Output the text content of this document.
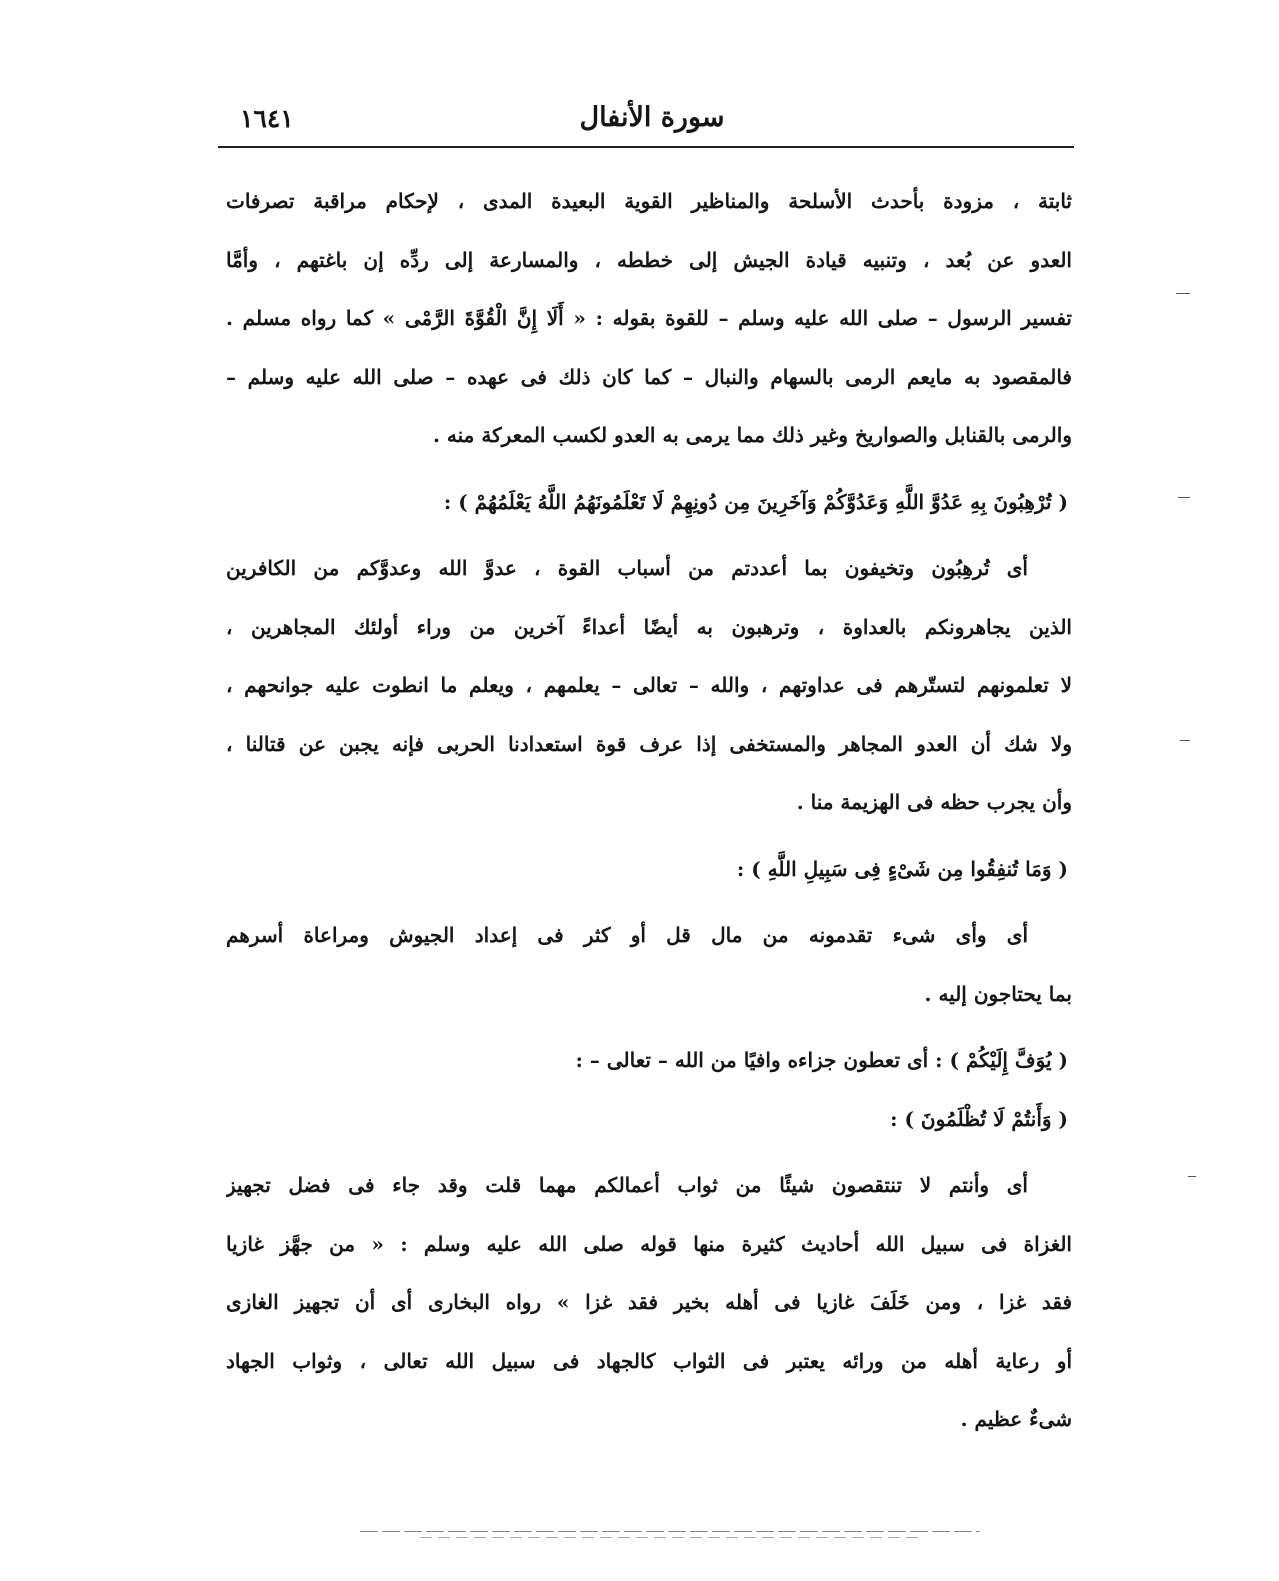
١٦٤١	سورة الأنفال
ثابتة ، مزودة بأحدث الأسلحة والمناظير القوية البعيدة المدى ، لإحكام مراقبة تصرفات
العدو عن بُعد ، وتنبيه قيادة الجيش إلى خططه ، والمسارعة إلى ردِّه إن باغتهم ، وأمَّا
تفسير الرسول – صلى الله عليه وسلم – للقوة بقوله : « أَلَا إِنَّ الْقُوَّةَ الرَّمْى » كما رواه مسلم .
فالمقصود به مايعم الرمى بالسهام والنبال – كما كان ذلك فى عهده – صلى الله عليه وسلم –
والرمى بالقنابل والصواريخ وغير ذلك مما يرمى به العدو لكسب المعركة منه .
( تُرْهِبُونَ بِهِ عَدُوَّ اللَّهِ وَعَدُوَّكُمْ وَآخَرِينَ مِن دُونِهِمْ لَا تَعْلَمُونَهُمُ اللَّهُ يَعْلَمُهُمْ ) :
أى تُرهِبُون وتخيفون بما أعددتم من أسباب القوة ، عدوَّ الله وعدوَّكم من الكافرين
الذين يجاهرونكم بالعداوة ، وترهبون به أيضًا أعداءً آخرين من وراء أولئك المجاهرين ،
لا تعلمونهم لتستّرهم فى عداوتهم ، والله – تعالى – يعلمهم ، ويعلم ما انطوت عليه جوانحهم ،
ولا شك أن العدو المجاهر والمستخفى إذا عرف قوة استعدادنا الحربى فإنه يجبن عن قتالنا ،
وأن يجرب حظه فى الهزيمة منا .
( وَمَا تُنفِقُوا مِن شَىْءٍ فِى سَبِيلِ اللَّهِ ) :
أى وأى شىء تقدمونه من مال قل أو كثر فى إعداد الجيوش ومراعاة أسرهم
بما يحتاجون إليه .
( يُوَفَّ إِلَيْكُمْ ) : أى تعطون جزاءه وافيًا من الله – تعالى – :
( وَأَنتُمْ لَا تُظْلَمُونَ ) :
أى وأنتم لا تنتقصون شيئًا من ثواب أعمالكم مهما قلت وقد جاء فى فضل تجهيز
الغزاة فى سبيل الله أحاديث كثيرة منها قوله صلى الله عليه وسلم : « من جهَّز غازيا
فقد غزا ، ومن خَلَفَ غازيا فى أهله بخير فقد غزا » رواه البخارى أى أن تجهيز الغازى
أو رعاية أهله من ورائه يعتبر فى الثواب كالجهاد فى سبيل الله تعالى ، وثواب الجهاد
شىءٌ عظيم .
